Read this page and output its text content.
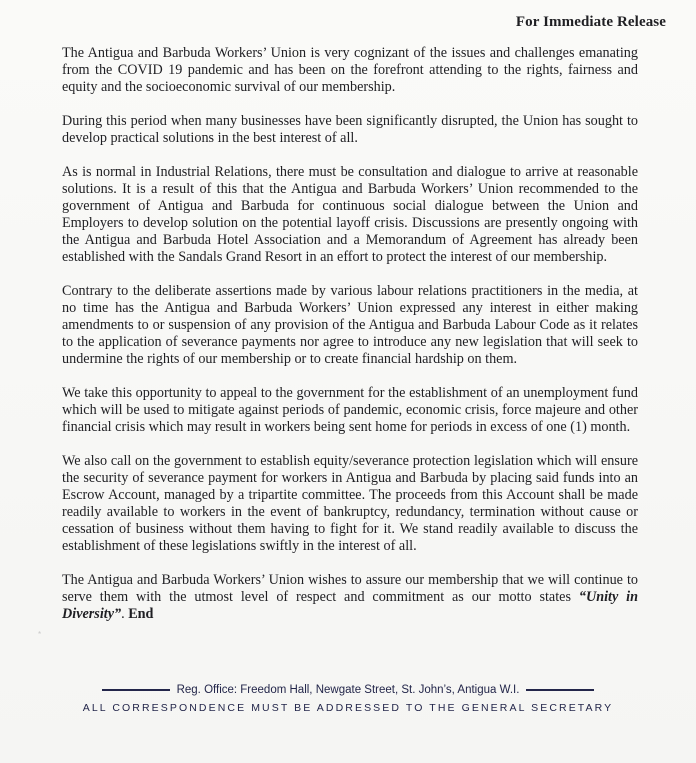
For Immediate Release

The Antigua and Barbuda Workers’ Union is very cognizant of the issues and challenges emanating from the COVID 19 pandemic and has been on the forefront attending to the rights, fairness and equity and the socioeconomic survival of our membership.

During this period when many businesses have been significantly disrupted, the Union has sought to develop practical solutions in the best interest of all.

As is normal in Industrial Relations, there must be consultation and dialogue to arrive at reasonable solutions. It is a result of this that the Antigua and Barbuda Workers’ Union recommended to the government of Antigua and Barbuda for continuous social dialogue between the Union and Employers to develop solution on the potential layoff crisis. Discussions are presently ongoing with the Antigua and Barbuda Hotel Association and a Memorandum of Agreement has already been established with the Sandals Grand Resort in an effort to protect the interest of our membership.

Contrary to the deliberate assertions made by various labour relations practitioners in the media, at no time has the Antigua and Barbuda Workers’ Union expressed any interest in either making amendments to or suspension of any provision of the Antigua and Barbuda Labour Code as it relates to the application of severance payments nor agree to introduce any new legislation that will seek to undermine the rights of our membership or to create financial hardship on them.

We take this opportunity to appeal to the government for the establishment of an unemployment fund which will be used to mitigate against periods of pandemic, economic crisis, force majeure and other financial crisis which may result in workers being sent home for periods in excess of one (1) month.

We also call on the government to establish equity/severance protection legislation which will ensure the security of severance payment for workers in Antigua and Barbuda by placing said funds into an Escrow Account, managed by a tripartite committee. The proceeds from this Account shall be made readily available to workers in the event of bankruptcy, redundancy, termination without cause or cessation of business without them having to fight for it. We stand readily available to discuss the establishment of these legislations swiftly in the interest of all.

The Antigua and Barbuda Workers’ Union wishes to assure our membership that we will continue to serve them with the utmost level of respect and commitment as our motto states “Unity in Diversity”. End

*
Reg. Office: Freedom Hall, Newgate Street, St. John’s, Antigua W.I.
ALL CORRESPONDENCE MUST BE ADDRESSED TO THE GENERAL SECRETARY
